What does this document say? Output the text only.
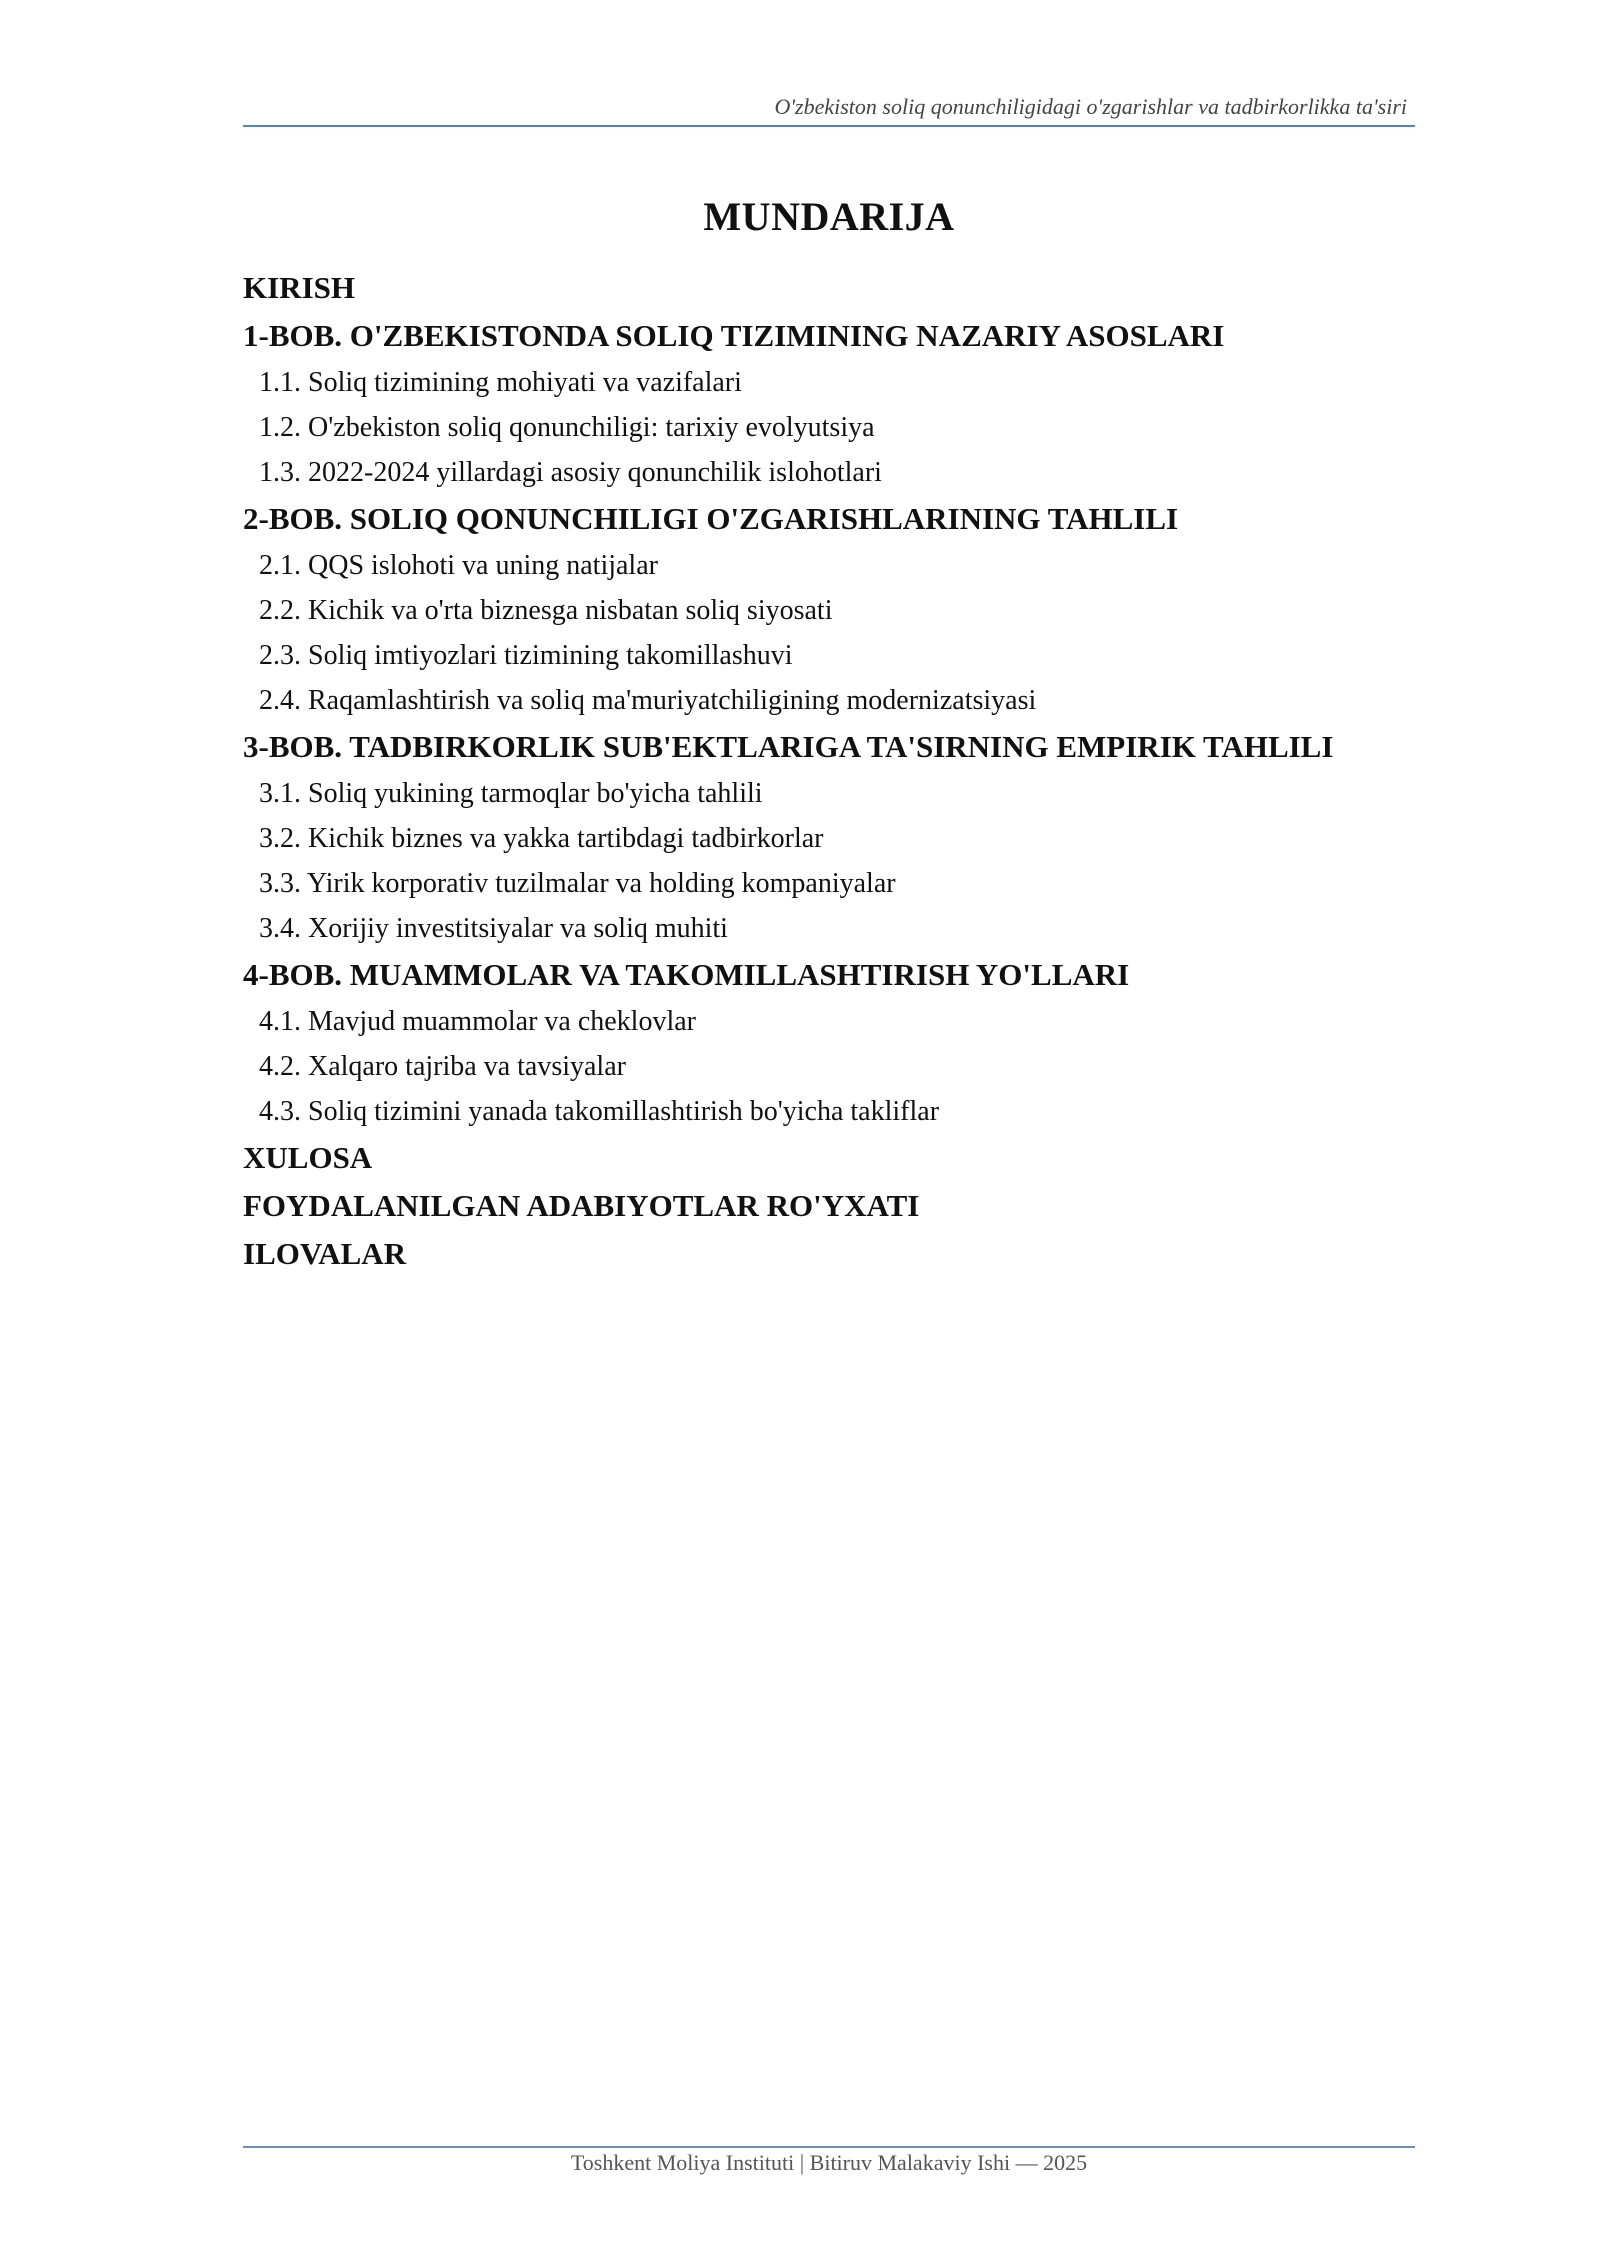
O'zbekiston soliq qonunchiligidagi o'zgarishlar va tadbirkorlikka ta'siri
MUNDARIJA
KIRISH
1-BOB. O'ZBEKISTONDA SOLIQ TIZIMINING NAZARIY ASOSLARI
1.1. Soliq tizimining mohiyati va vazifalari
1.2. O'zbekiston soliq qonunchiligi: tarixiy evolyutsiya
1.3. 2022-2024 yillardagi asosiy qonunchilik islohotlari
2-BOB. SOLIQ QONUNCHILIGI O'ZGARISHLARINING TAHLILI
2.1. QQS islohoti va uning natijalar
2.2. Kichik va o'rta biznesga nisbatan soliq siyosati
2.3. Soliq imtiyozlari tizimining takomillashuvi
2.4. Raqamlashtirish va soliq ma'muriyatchiligining modernizatsiyasi
3-BOB. TADBIRKORLIK SUB'EKTLARIGA TA'SIRNING EMPIRIK TAHLILI
3.1. Soliq yukining tarmoqlar bo'yicha tahlili
3.2. Kichik biznes va yakka tartibdagi tadbirkorlar
3.3. Yirik korporativ tuzilmalar va holding kompaniyalar
3.4. Xorijiy investitsiyalar va soliq muhiti
4-BOB. MUAMMOLAR VA TAKOMILLASHTIRISH YO'LLARI
4.1. Mavjud muammolar va cheklovlar
4.2. Xalqaro tajriba va tavsiyalar
4.3. Soliq tizimini yanada takomillashtirish bo'yicha takliflar
XULOSA
FOYDALANILGAN ADABIYOTLAR RO'YXATI
ILOVALAR
Toshkent Moliya Instituti | Bitiruv Malakaviy Ishi — 2025
